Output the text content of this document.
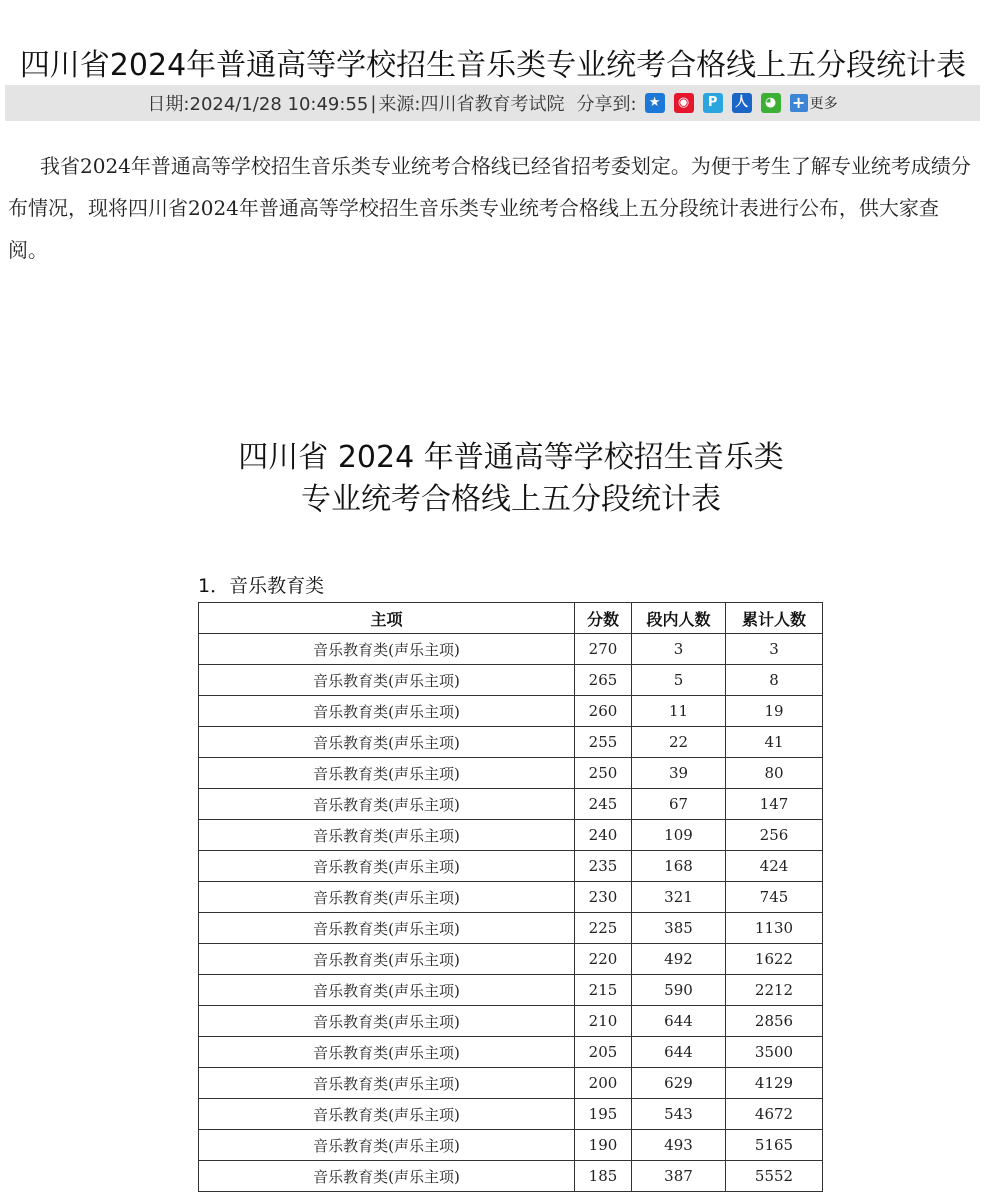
四川省2024年普通高等学校招生音乐类专业统考合格线上五分段统计表
日期:2024/1/28 10:49:55 | 来源:四川省教育考试院 分享到: ★	◉	P	人	◕ + 更多

我省2024年普通高等学校招生音乐类专业统考合格线已经省招考委划定。为便于考生了解专业统考成绩分布情况，现将四川省2024年普通高等学校招生音乐类专业统考合格线上五分段统计表进行公布，供大家查阅。

四川省 2024 年普通高等学校招生音乐类
专业统考合格线上五分段统计表
1．音乐教育类
主项	分数	段内人数	累计人数
音乐教育类(声乐主项)	270	3	3
音乐教育类(声乐主项)	265	5	8
音乐教育类(声乐主项)	260	11	19
音乐教育类(声乐主项)	255	22	41
音乐教育类(声乐主项)	250	39	80
音乐教育类(声乐主项)	245	67	147
音乐教育类(声乐主项)	240	109	256
音乐教育类(声乐主项)	235	168	424
音乐教育类(声乐主项)	230	321	745
音乐教育类(声乐主项)	225	385	1130
音乐教育类(声乐主项)	220	492	1622
音乐教育类(声乐主项)	215	590	2212
音乐教育类(声乐主项)	210	644	2856
音乐教育类(声乐主项)	205	644	3500
音乐教育类(声乐主项)	200	629	4129
音乐教育类(声乐主项)	195	543	4672
音乐教育类(声乐主项)	190	493	5165
音乐教育类(声乐主项)	185	387	5552
